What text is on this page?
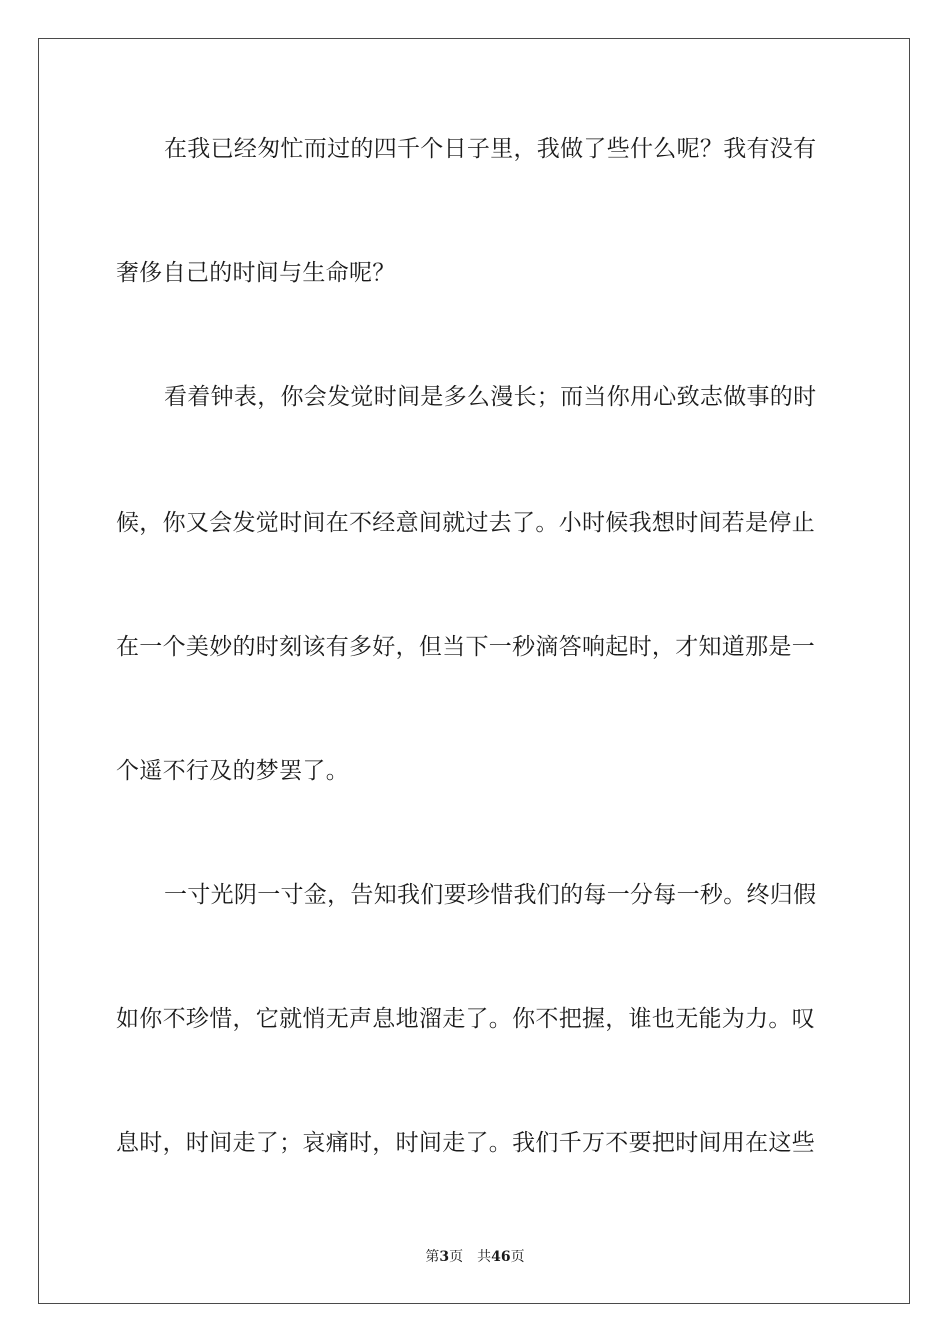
在我已经匆忙而过的四千个日子里，我做了些什么呢？我有没有
奢侈自己的时间与生命呢？
看着钟表，你会发觉时间是多么漫长；而当你用心致志做事的时
候，你又会发觉时间在不经意间就过去了。小时候我想时间若是停止
在一个美妙的时刻该有多好，但当下一秒滴答响起时，才知道那是一
个遥不行及的梦罢了。
一寸光阴一寸金，告知我们要珍惜我们的每一分每一秒。终归假
如你不珍惜，它就悄无声息地溜走了。你不把握，谁也无能为力。叹
息时，时间走了；哀痛时，时间走了。我们千万不要把时间用在这些
第3页 共46页
